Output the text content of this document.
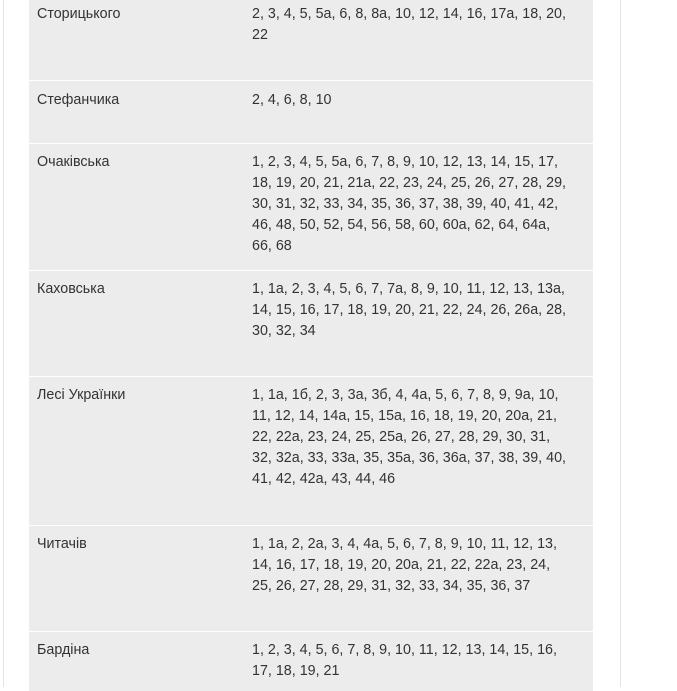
Сторицького	2, 3, 4, 5, 5а, 6, 8, 8а, 10, 12, 14, 16, 17а, 18, 20, 22
Стефанчика	2, 4, 6, 8, 10
Очаківська	1, 2, 3, 4, 5, 5а, 6, 7, 8, 9, 10, 12, 13, 14, 15, 17, 18, 19, 20, 21, 21а, 22, 23, 24, 25, 26, 27, 28, 29, 30, 31, 32, 33, 34, 35, 36, 37, 38, 39, 40, 41, 42, 46, 48, 50, 52, 54, 56, 58, 60, 60а, 62, 64, 64а, 66, 68
Каховська	1, 1а, 2, 3, 4, 5, 6, 7, 7а, 8, 9, 10, 11, 12, 13, 13а, 14, 15, 16, 17, 18, 19, 20, 21, 22, 24, 26, 26а, 28, 30, 32, 34
Лесі Українки	1, 1а, 1б, 2, 3, 3а, 3б, 4, 4а, 5, 6, 7, 8, 9, 9а, 10, 11, 12, 14, 14а, 15, 15а, 16, 18, 19, 20, 20а, 21, 22, 22а, 23, 24, 25, 25а, 26, 27, 28, 29, 30, 31, 32, 32а, 33, 33а, 35, 35а, 36, 36а, 37, 38, 39, 40, 41, 42, 42а, 43, 44, 46
Читачів	1, 1а, 2, 2а, 3, 4, 4а, 5, 6, 7, 8, 9, 10, 11, 12, 13, 14, 16, 17, 18, 19, 20, 20а, 21, 22, 22а, 23, 24, 25, 26, 27, 28, 29, 31, 32, 33, 34, 35, 36, 37
Бардіна	1, 2, 3, 4, 5, 6, 7, 8, 9, 10, 11, 12, 13, 14, 15, 16, 17, 18, 19, 21
